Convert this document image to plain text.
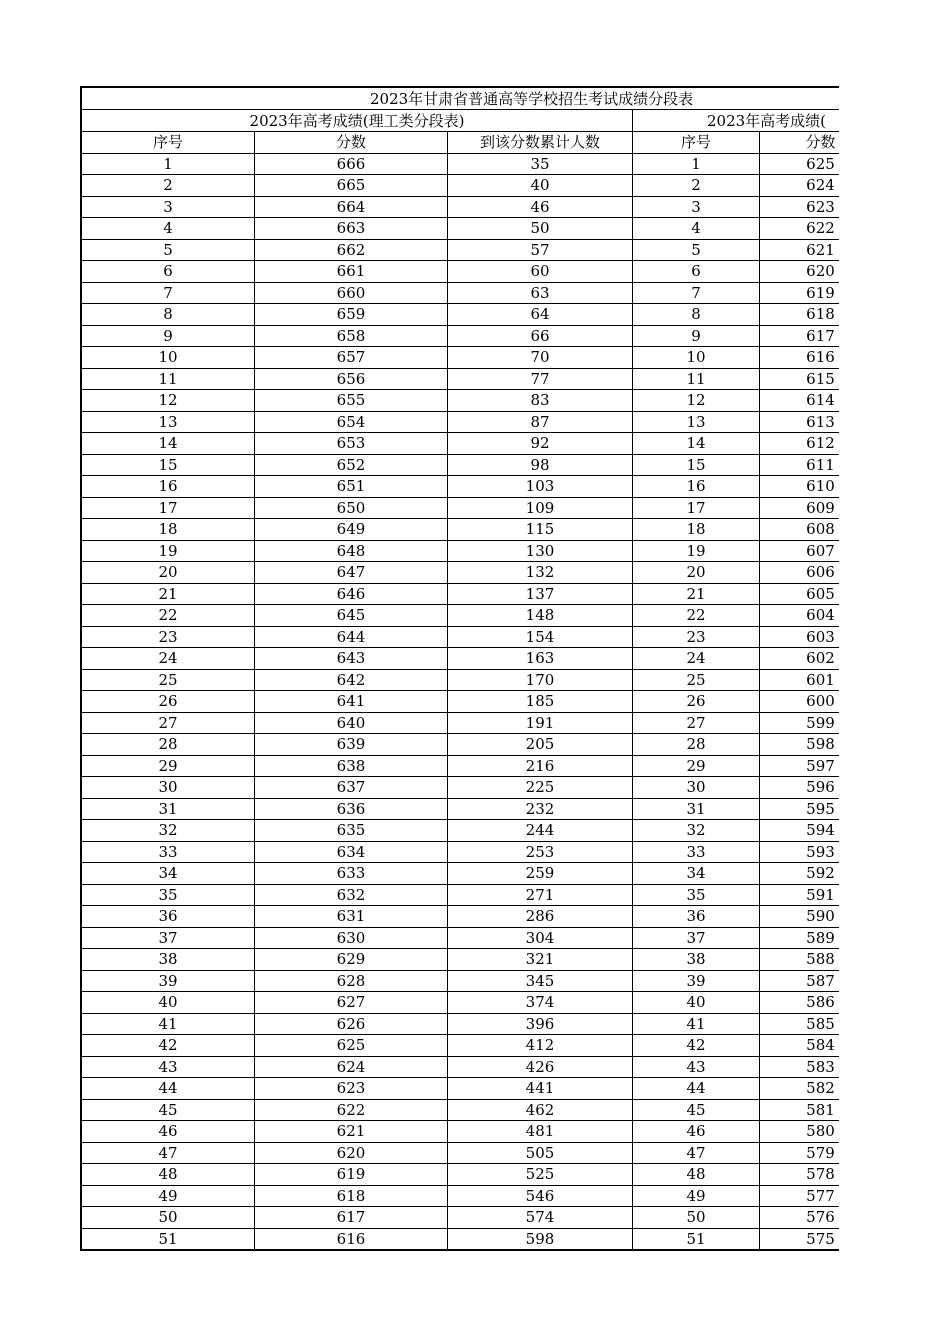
2023年甘肃省普通高等学校招生考试成绩分段表				
2023年高考成绩(理工类分段表)			2023年高考成绩(	
序号	分数	到该分数累计人数	序号	分数
1	666	35	1	625
2	665	40	2	624
3	664	46	3	623
4	663	50	4	622
5	662	57	5	621
6	661	60	6	620
7	660	63	7	619
8	659	64	8	618
9	658	66	9	617
10	657	70	10	616
11	656	77	11	615
12	655	83	12	614
13	654	87	13	613
14	653	92	14	612
15	652	98	15	611
16	651	103	16	610
17	650	109	17	609
18	649	115	18	608
19	648	130	19	607
20	647	132	20	606
21	646	137	21	605
22	645	148	22	604
23	644	154	23	603
24	643	163	24	602
25	642	170	25	601
26	641	185	26	600
27	640	191	27	599
28	639	205	28	598
29	638	216	29	597
30	637	225	30	596
31	636	232	31	595
32	635	244	32	594
33	634	253	33	593
34	633	259	34	592
35	632	271	35	591
36	631	286	36	590
37	630	304	37	589
38	629	321	38	588
39	628	345	39	587
40	627	374	40	586
41	626	396	41	585
42	625	412	42	584
43	624	426	43	583
44	623	441	44	582
45	622	462	45	581
46	621	481	46	580
47	620	505	47	579
48	619	525	48	578
49	618	546	49	577
50	617	574	50	576
51	616	598	51	575
